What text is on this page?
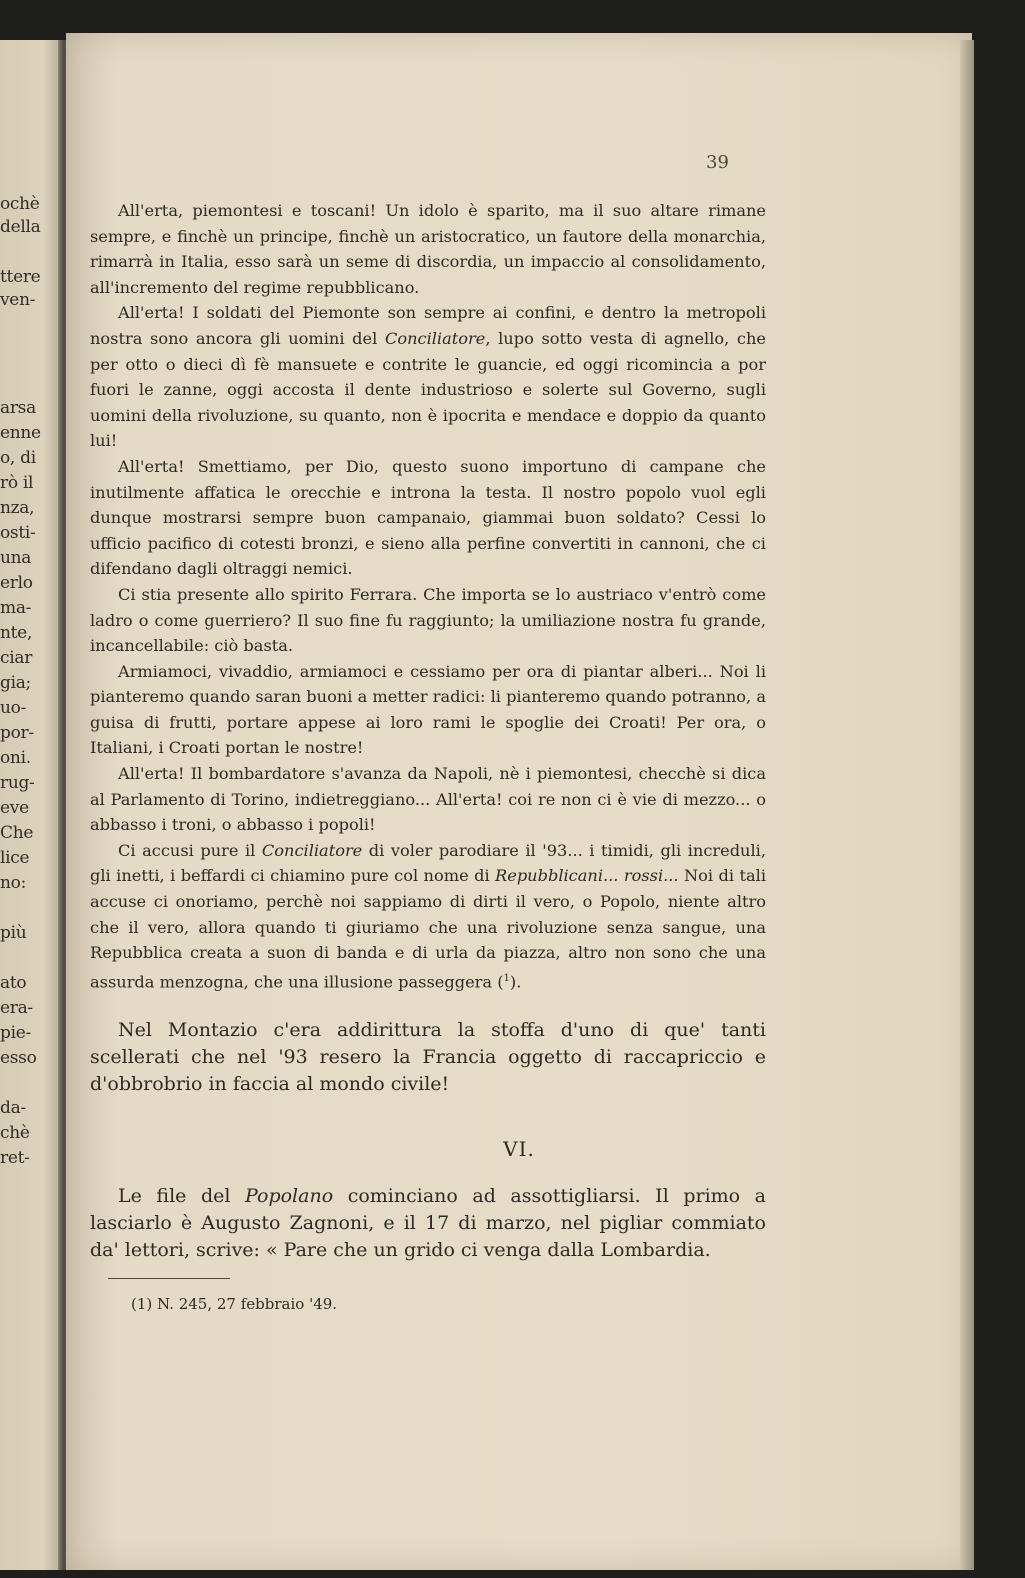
ochè
della
ttere
ven-
arsa
enne
o, di
rò il
nza,
osti-
una
erlo
ma-
nte,
ciar
gia;
uo-
por-
oni.
rug-
eve
Che
lice
no:
più
ato
era-
pie-
esso
da-
chè
ret-
39

All'erta, piemontesi e toscani! Un idolo è sparito, ma il suo altare rimane sempre, e finchè un principe, finchè un aristocratico, un fautore della monarchia, rimarrà in Italia, esso sarà un seme di discordia, un impaccio al consolidamento, all'incremento del regime repubblicano.

All'erta! I soldati del Piemonte son sempre ai confini, e dentro la metropoli nostra sono ancora gli uomini del Conciliatore, lupo sotto vesta di agnello, che per otto o dieci dì fè mansuete e contrite le guancie, ed oggi ricomincia a por fuori le zanne, oggi accosta il dente industrioso e solerte sul Governo, sugli uomini della rivoluzione, su quanto, non è ipocrita e mendace e doppio da quanto lui!

All'erta! Smettiamo, per Dio, questo suono importuno di campane che inutilmente affatica le orecchie e introna la testa. Il nostro popolo vuol egli dunque mostrarsi sempre buon campanaio, giammai buon soldato? Cessi lo ufficio pacifico di cotesti bronzi, e sieno alla perfine convertiti in cannoni, che ci difendano dagli oltraggi nemici.

Ci stia presente allo spirito Ferrara. Che importa se lo austriaco v'entrò come ladro o come guerriero? Il suo fine fu raggiunto; la umiliazione nostra fu grande, incancellabile: ciò basta.

Armiamoci, vivaddio, armiamoci e cessiamo per ora di piantar alberi... Noi li pianteremo quando saran buoni a metter radici: li pianteremo quando potranno, a guisa di frutti, portare appese ai loro rami le spoglie dei Croati! Per ora, o Italiani, i Croati portan le nostre!

All'erta! Il bombardatore s'avanza da Napoli, nè i piemontesi, checchè si dica al Parlamento di Torino, indietreggiano... All'erta! coi re non ci è vie di mezzo... o abbasso i troni, o abbasso i popoli!

Ci accusi pure il Conciliatore di voler parodiare il '93... i timidi, gli increduli, gli inetti, i beffardi ci chiamino pure col nome di Repubblicani... rossi... Noi di tali accuse ci onoriamo, perchè noi sappiamo di dirti il vero, o Popolo, niente altro che il vero, allora quando ti giuriamo che una rivoluzione senza sangue, una Repubblica creata a suon di banda e di urla da piazza, altro non sono che una assurda menzogna, che una illusione passeggera ($^1$).

Nel Montazio c'era addirittura la stoffa d'uno di que' tanti scellerati che nel '93 resero la Francia oggetto di raccapriccio e d'obbrobrio in faccia al mondo civile!

VI.

Le file del Popolano cominciano ad assottigliarsi. Il primo a lasciarlo è Augusto Zagnoni, e il 17 di marzo, nel pigliar commiato da' lettori, scrive: « Pare che un grido ci venga dalla Lombardia.

(1) N. 245, 27 febbraio '49.
